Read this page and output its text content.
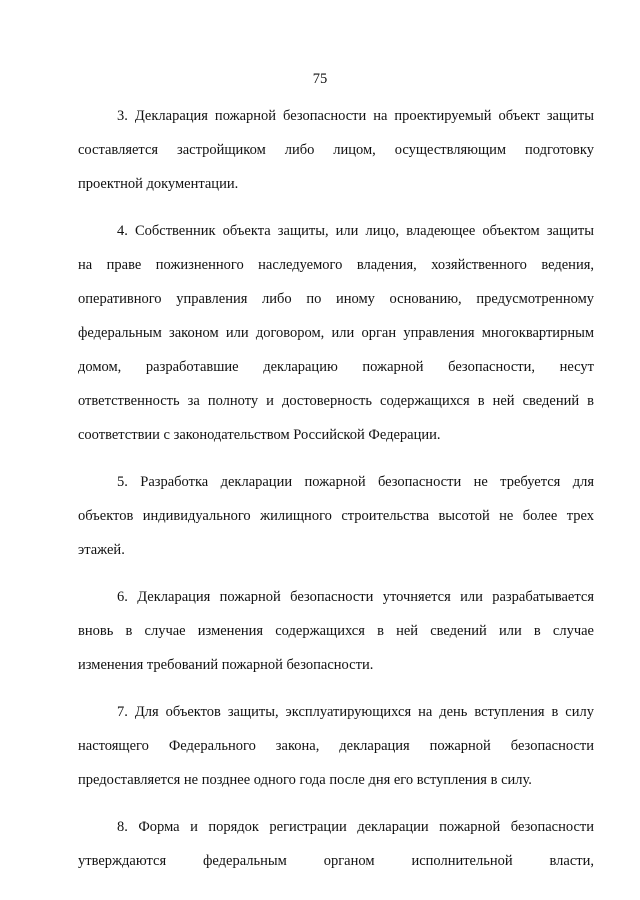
75
3. Декларация пожарной безопасности на проектируемый объект защиты
составляется застройщиком либо лицом, осуществляющим подготовку
проектной документации.
4. Собственник объекта защиты, или лицо, владеющее объектом защиты
на праве пожизненного наследуемого владения, хозяйственного ведения,
оперативного управления либо по иному основанию, предусмотренному
федеральным законом или договором, или орган управления многоквартирным
домом, разработавшие декларацию пожарной безопасности, несут
ответственность за полноту и достоверность содержащихся в ней сведений в
соответствии с законодательством Российской Федерации.
5. Разработка декларации пожарной безопасности не требуется для
объектов индивидуального жилищного строительства высотой не более трех
этажей.
6. Декларация пожарной безопасности уточняется или разрабатывается
вновь в случае изменения содержащихся в ней сведений или в случае
изменения требований пожарной безопасности.
7. Для объектов защиты, эксплуатирующихся на день вступления в силу
настоящего Федерального закона, декларация пожарной безопасности
предоставляется не позднее одного года после дня его вступления в силу.
8. Форма и порядок регистрации декларации пожарной безопасности
утверждаются федеральным органом исполнительной власти,
